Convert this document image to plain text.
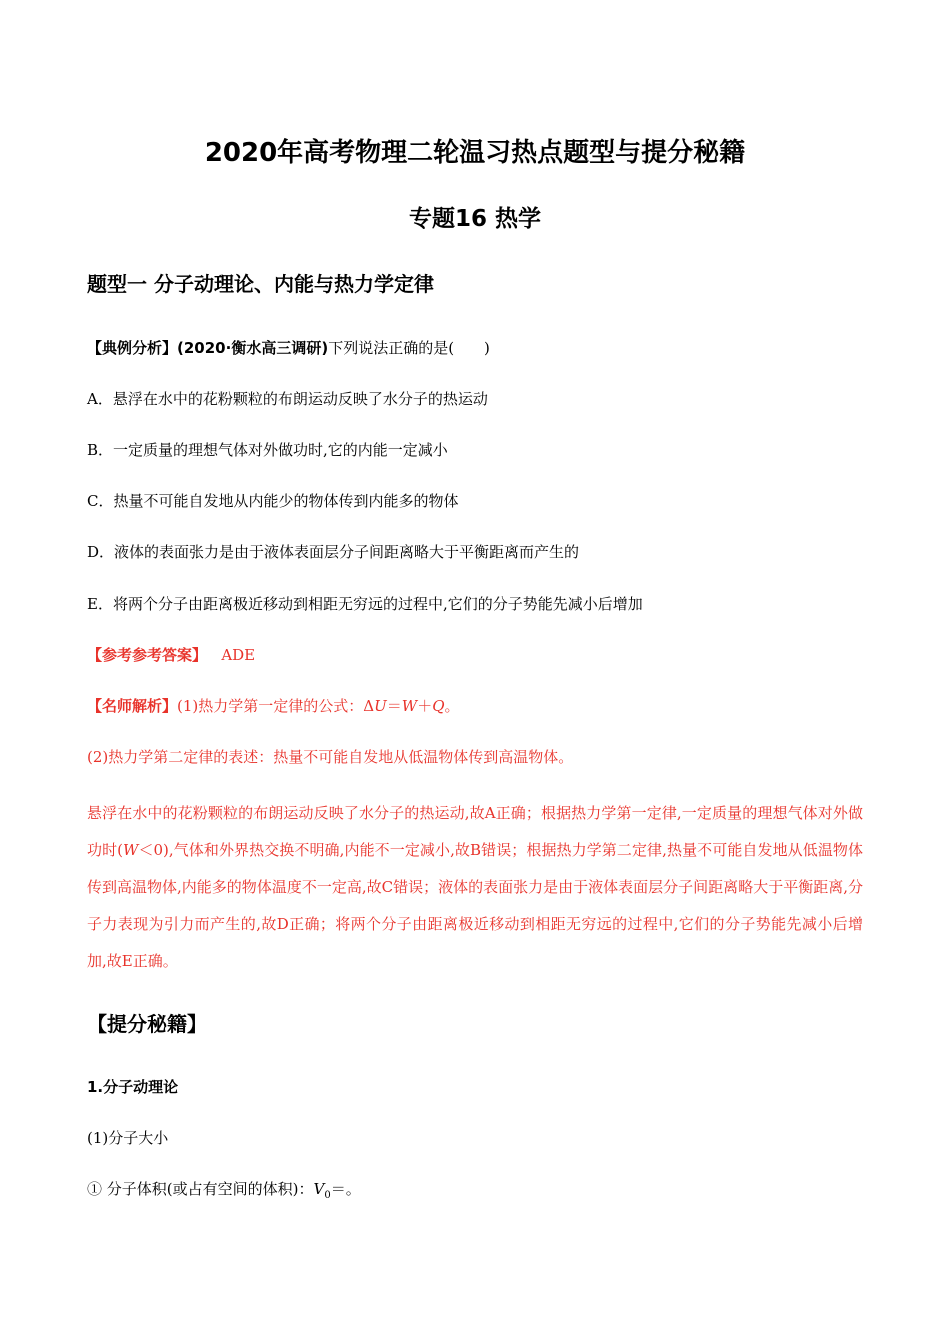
2020年高考物理二轮温习热点题型与提分秘籍
专题16 热学
题型一 分子动理论、内能与热力学定律
【典例分析】(2020·衡水高三调研)下列说法正确的是(　　)
A．悬浮在水中的花粉颗粒的布朗运动反映了水分子的热运动
B．一定质量的理想气体对外做功时,它的内能一定减小
C．热量不可能自发地从内能少的物体传到内能多的物体
D．液体的表面张力是由于液体表面层分子间距离略大于平衡距离而产生的
E．将两个分子由距离极近移动到相距无穷远的过程中,它们的分子势能先减小后增加
【参考参考答案】 ADE
【名师解析】(1)热力学第一定律的公式：ΔU＝W＋Q。
(2)热力学第二定律的表述：热量不可能自发地从低温物体传到高温物体。
悬浮在水中的花粉颗粒的布朗运动反映了水分子的热运动,故A正确；根据热力学第一定律,一定质量的理想气体对外做功时(W＜0),气体和外界热交换不明确,内能不一定减小,故B错误；根据热力学第二定律,热量不可能自发地从低温物体传到高温物体,内能多的物体温度不一定高,故C错误；液体的表面张力是由于液体表面层分子间距离略大于平衡距离,分子力表现为引力而产生的,故D正确；将两个分子由距离极近移动到相距无穷远的过程中,它们的分子势能先减小后增加,故E正确。
【提分秘籍】
1.分子动理论
(1)分子大小
① 分子体积(或占有空间的体积)：$V_0=$。
